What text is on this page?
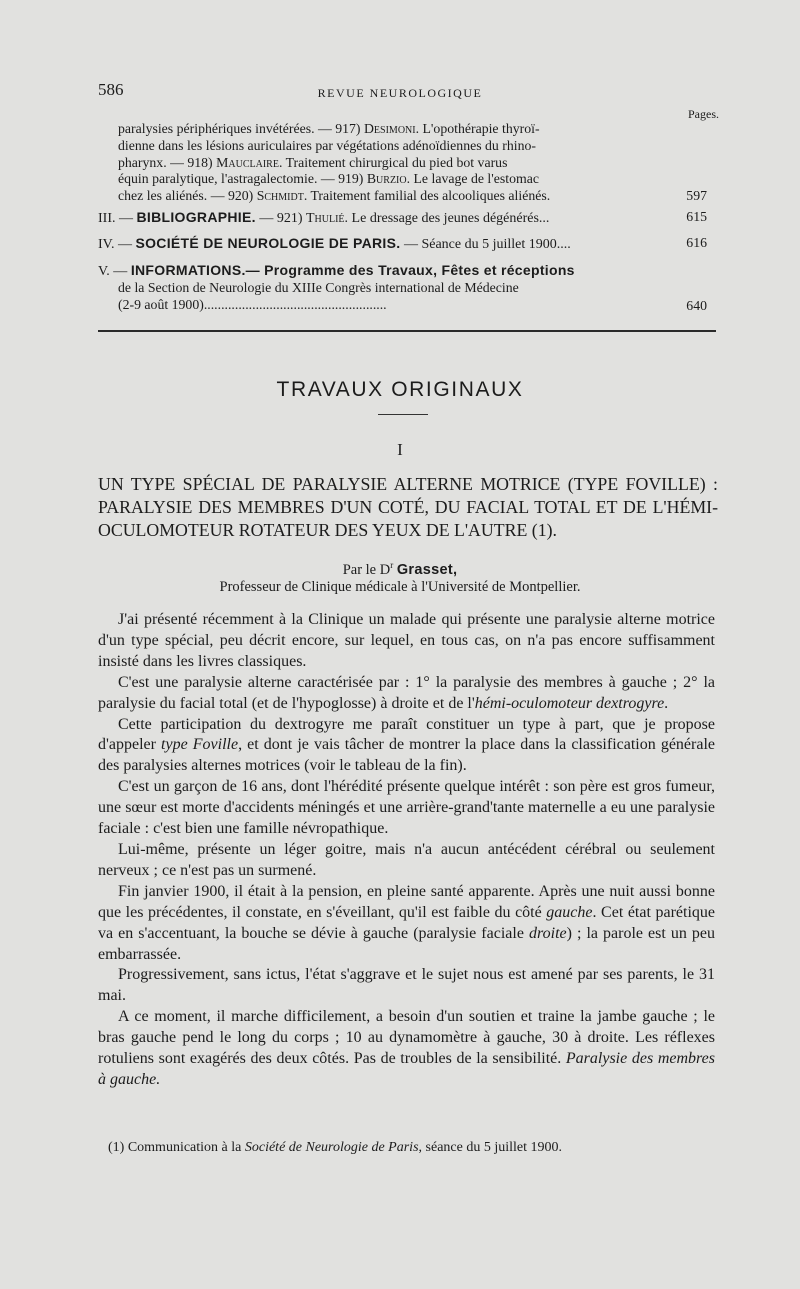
586	REVUE NEUROLOGIQUE
Pages.
paralysies périphériques invétérées. — 917) Desimoni. L'opothérapie thyroï-
dienne dans les lésions auriculaires par végétations adénoïdiennes du rhino-
pharynx. — 918) Mauclaire. Traitement chirurgical du pied bot varus
équin paralytique, l'astragalectomie. — 919) Burzio. Le lavage de l'estomac
chez les aliénés. — 920) Schmidt. Traitement familial des alcooliques aliénés.	597
III. — BIBLIOGRAPHIE. — 921) Thulié. Le dressage des jeunes dégénérés...	615
IV. — SOCIÉTÉ DE NEUROLOGIE DE PARIS. — Séance du 5 juillet 1900....	616
V. — INFORMATIONS.— Programme des Travaux, Fêtes et réceptions
de la Section de Neurologie du XIIIe Congrès international de Médecine
(2-9 août 1900).....................................................	640
TRAVAUX ORIGINAUX
I
UN TYPE SPÉCIAL DE PARALYSIE ALTERNE MOTRICE (TYPE FOVILLE) : PARALYSIE DES MEMBRES D'UN COTÉ, DU FACIAL TOTAL ET DE L'HÉMI-OCULOMOTEUR ROTATEUR DES YEUX DE L'AUTRE (1).
Par le $D^r$ Grasset,
Professeur de Clinique médicale à l'Université de Montpellier.

J'ai présenté récemment à la Clinique un malade qui présente une paralysie alterne motrice d'un type spécial, peu décrit encore, sur lequel, en tous cas, on n'a pas encore suffisamment insisté dans les livres classiques.

C'est une paralysie alterne caractérisée par : 1° la paralysie des membres à gauche ; 2° la paralysie du facial total (et de l'hypoglosse) à droite et de l'hémi-oculomoteur dextrogyre.

Cette participation du dextrogyre me paraît constituer un type à part, que je propose d'appeler type Foville, et dont je vais tâcher de montrer la place dans la classification générale des paralysies alternes motrices (voir le tableau de la fin).

C'est un garçon de 16 ans, dont l'hérédité présente quelque intérêt : son père est gros fumeur, une sœur est morte d'accidents méningés et une arrière-grand'tante maternelle a eu une paralysie faciale : c'est bien une famille névropathique.

Lui-même, présente un léger goitre, mais n'a aucun antécédent cérébral ou seulement nerveux ; ce n'est pas un surmené.

Fin janvier 1900, il était à la pension, en pleine santé apparente. Après une nuit aussi bonne que les précédentes, il constate, en s'éveillant, qu'il est faible du côté gauche. Cet état parétique va en s'accentuant, la bouche se dévie à gauche (paralysie faciale droite) ; la parole est un peu embarrassée.

Progressivement, sans ictus, l'état s'aggrave et le sujet nous est amené par ses parents, le 31 mai.

A ce moment, il marche difficilement, a besoin d'un soutien et traine la jambe gauche ; le bras gauche pend le long du corps ; 10 au dynamomètre à gauche, 30 à droite. Les réflexes rotuliens sont exagérés des deux côtés. Pas de troubles de la sensibilité. Paralysie des membres à gauche.

(1) Communication à la Société de Neurologie de Paris, séance du 5 juillet 1900.
